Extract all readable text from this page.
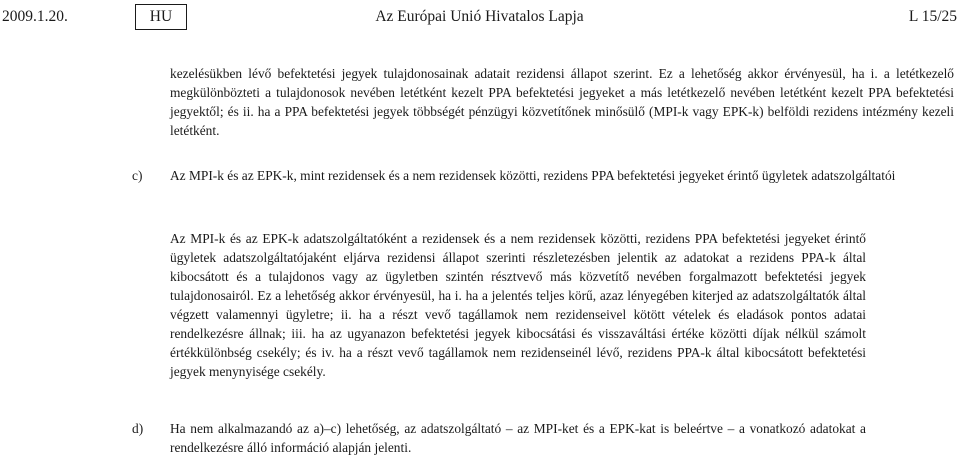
2009.1.20.	HU	Az Európai Unió Hivatalos Lapja	L 15/25
kezelésükben lévő befektetési jegyek tulajdonosainak adatait rezidensi állapot szerint. Ez a lehetőség akkor érvényesül, ha i. a letétkezelő megkülönbözteti a tulajdonosok nevében letétként kezelt PPA befektetési jegyeket a más letétkezelő nevében letétként kezelt PPA befektetési jegyektől; és ii. ha a PPA befektetési jegyek többségét pénzügyi közvetítőnek minősülő (MPI-k vagy EPK-k) belföldi rezidens intézmény kezeli letétként.
c) Az MPI-k és az EPK-k, mint rezidensek és a nem rezidensek közötti, rezidens PPA befektetési jegyeket érintő ügyletek adatszolgáltatói
Az MPI-k és az EPK-k adatszolgáltatóként a rezidensek és a nem rezidensek közötti, rezidens PPA befektetési jegyeket érintő ügyletek adatszolgáltatójaként eljárva rezidensi állapot szerinti részletezésben jelentik az adatokat a rezidens PPA-k által kibocsátott és a tulajdonos vagy az ügyletben szintén résztvevő más közvetítő nevében forgalmazott befektetési jegyek tulajdonosairól. Ez a lehetőség akkor érvényesül, ha i. ha a jelentés teljes körű, azaz lényegében kiterjed az adatszolgáltatók által végzett valamennyi ügyletre; ii. ha a részt vevő tagállamok nem rezidenseivel kötött vételek és eladások pontos adatai rendelkezésre állnak; iii. ha az ugyanazon befektetési jegyek kibocsátási és visszaváltási értéke közötti díjak nélkül számolt értékkülönbség csekély; és iv. ha a részt vevő tagállamok nem rezidenseinél lévő, rezidens PPA-k által kibocsátott befektetési jegyek menynyisége csekély.
d) Ha nem alkalmazandó az a)–c) lehetőség, az adatszolgáltató – az MPI-ket és a EPK-kat is beleértve – a vonatkozó adatokat a rendelkezésre álló információ alapján jelenti.
